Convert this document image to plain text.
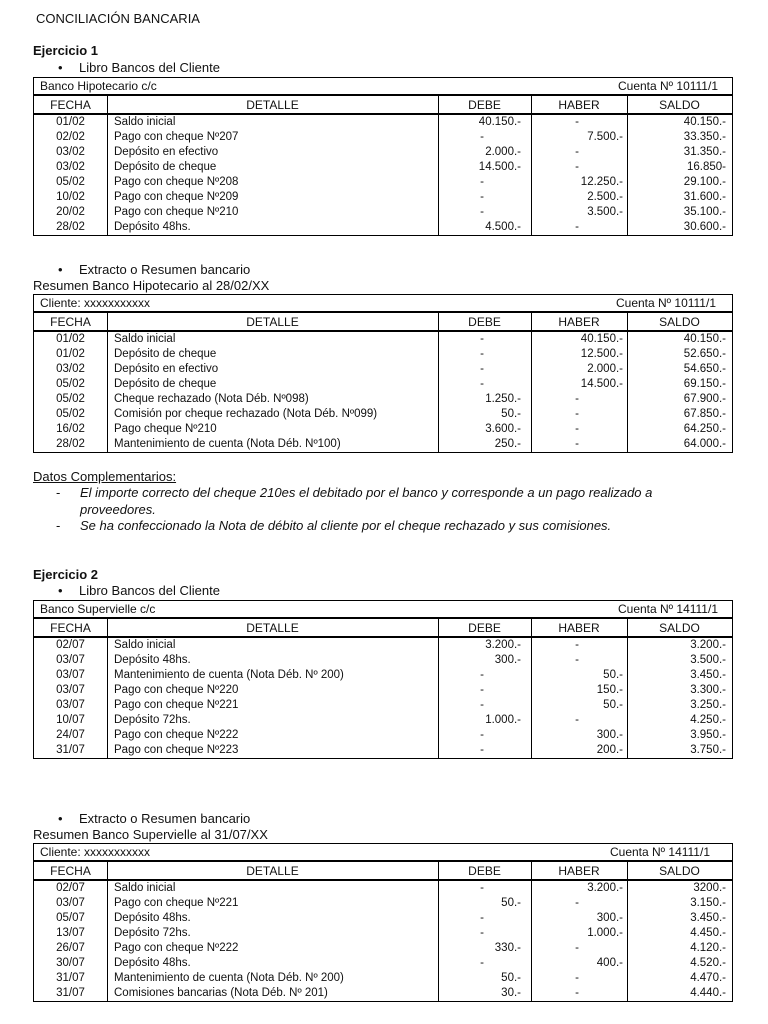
CONCILIACIÓN BANCARIA
Ejercicio 1
• Libro Bancos del Cliente
Banco Hipotecario c/c	Cuenta Nº 10111/1
FECHA	DETALLE	DEBE	HABER	SALDO
01/02	Saldo inicial	40.150.-	-	40.150.-
02/02	Pago con cheque Nº207	-	7.500.-	33.350.-
03/02	Depósito en efectivo	2.000.-	-	31.350.-
03/02	Depósito de cheque	14.500.-	-	16.850-
05/02	Pago con cheque Nº208	-	12.250.-	29.100.-
10/02	Pago con cheque Nº209	-	2.500.-	31.600.-
20/02	Pago con cheque Nº210	-	3.500.-	35.100.-
28/02	Depósito 48hs.	4.500.-	-	30.600.-
• Extracto o Resumen bancario
Resumen Banco Hipotecario al 28/02/XX
Cliente: xxxxxxxxxxx	Cuenta Nº 10111/1
FECHA	DETALLE	DEBE	HABER	SALDO
01/02	Saldo inicial	-	40.150.-	40.150.-
01/02	Depósito de cheque	-	12.500.-	52.650.-
03/02	Depósito en efectivo	-	2.000.-	54.650.-
05/02	Depósito de cheque	-	14.500.-	69.150.-
05/02	Cheque rechazado (Nota Déb. Nº098)	1.250.-	-	67.900.-
05/02	Comisión por cheque rechazado (Nota Déb. Nº099)	50.-	-	67.850.-
16/02	Pago cheque Nº210	3.600.-	-	64.250.-
28/02	Mantenimiento de cuenta (Nota Déb. Nº100)	250.-	-	64.000.-
Datos Complementarios:
- El importe correcto del cheque 210es el debitado por el banco y corresponde a un pago realizado a
proveedores.
- Se ha confeccionado la Nota de débito al cliente por el cheque rechazado y sus comisiones.
Ejercicio 2
• Libro Bancos del Cliente
Banco Supervielle c/c	Cuenta Nº 14111/1
FECHA	DETALLE	DEBE	HABER	SALDO
02/07	Saldo inicial	3.200.-	-	3.200.-
03/07	Depósito 48hs.	300.-	-	3.500.-
03/07	Mantenimiento de cuenta (Nota Déb. Nº 200)	-	50.-	3.450.-
03/07	Pago con cheque Nº220	-	150.-	3.300.-
03/07	Pago con cheque Nº221	-	50.-	3.250.-
10/07	Depósito 72hs.	1.000.-	-	4.250.-
24/07	Pago con cheque Nº222	-	300.-	3.950.-
31/07	Pago con cheque Nº223	-	200.-	3.750.-
• Extracto o Resumen bancario
Resumen Banco Supervielle al 31/07/XX
Cliente: xxxxxxxxxxx	Cuenta Nº 14111/1
FECHA	DETALLE	DEBE	HABER	SALDO
02/07	Saldo inicial	-	3.200.-	3200.-
03/07	Pago con cheque Nº221	50.-	-	3.150.-
05/07	Depósito 48hs.	-	300.-	3.450.-
13/07	Depósito 72hs.	-	1.000.-	4.450.-
26/07	Pago con cheque Nº222	330.-	-	4.120.-
30/07	Depósito 48hs.	-	400.-	4.520.-
31/07	Mantenimiento de cuenta (Nota Déb. Nº 200)	50.-	-	4.470.-
31/07	Comisiones bancarias (Nota Déb. Nº 201)	30.-	-	4.440.-
